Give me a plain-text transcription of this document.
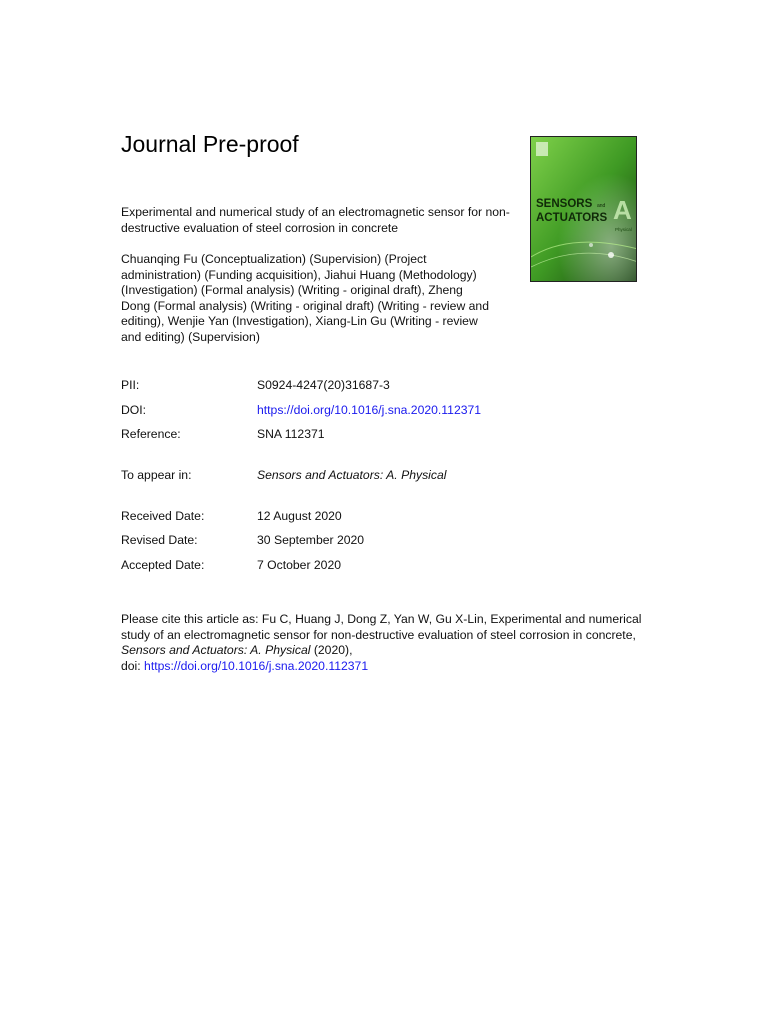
Journal Pre-proof
SENSORS and
ACTUATORS A
Physical
Experimental and numerical study of an electromagnetic sensor for non-destructive evaluation of steel corrosion in concrete
Chuanqing Fu (Conceptualization) (Supervision) (Project administration) (Funding acquisition), Jiahui Huang (Methodology) (Investigation) (Formal analysis) (Writing - original draft), Zheng Dong (Formal analysis) (Writing - original draft) (Writing - review and editing), Wenjie Yan (Investigation), Xiang-Lin Gu (Writing - review and editing) (Supervision)
PII:	S0924-4247(20)31687-3
DOI:	https://doi.org/10.1016/j.sna.2020.112371
Reference:	SNA 112371
To appear in:	Sensors and Actuators: A. Physical
Received Date:	12 August 2020
Revised Date:	30 September 2020
Accepted Date:	7 October 2020
Please cite this article as: Fu C, Huang J, Dong Z, Yan W, Gu X-Lin, Experimental and numerical study of an electromagnetic sensor for non-destructive evaluation of steel corrosion in concrete, Sensors and Actuators: A. Physical (2020),
doi: https://doi.org/10.1016/j.sna.2020.112371
